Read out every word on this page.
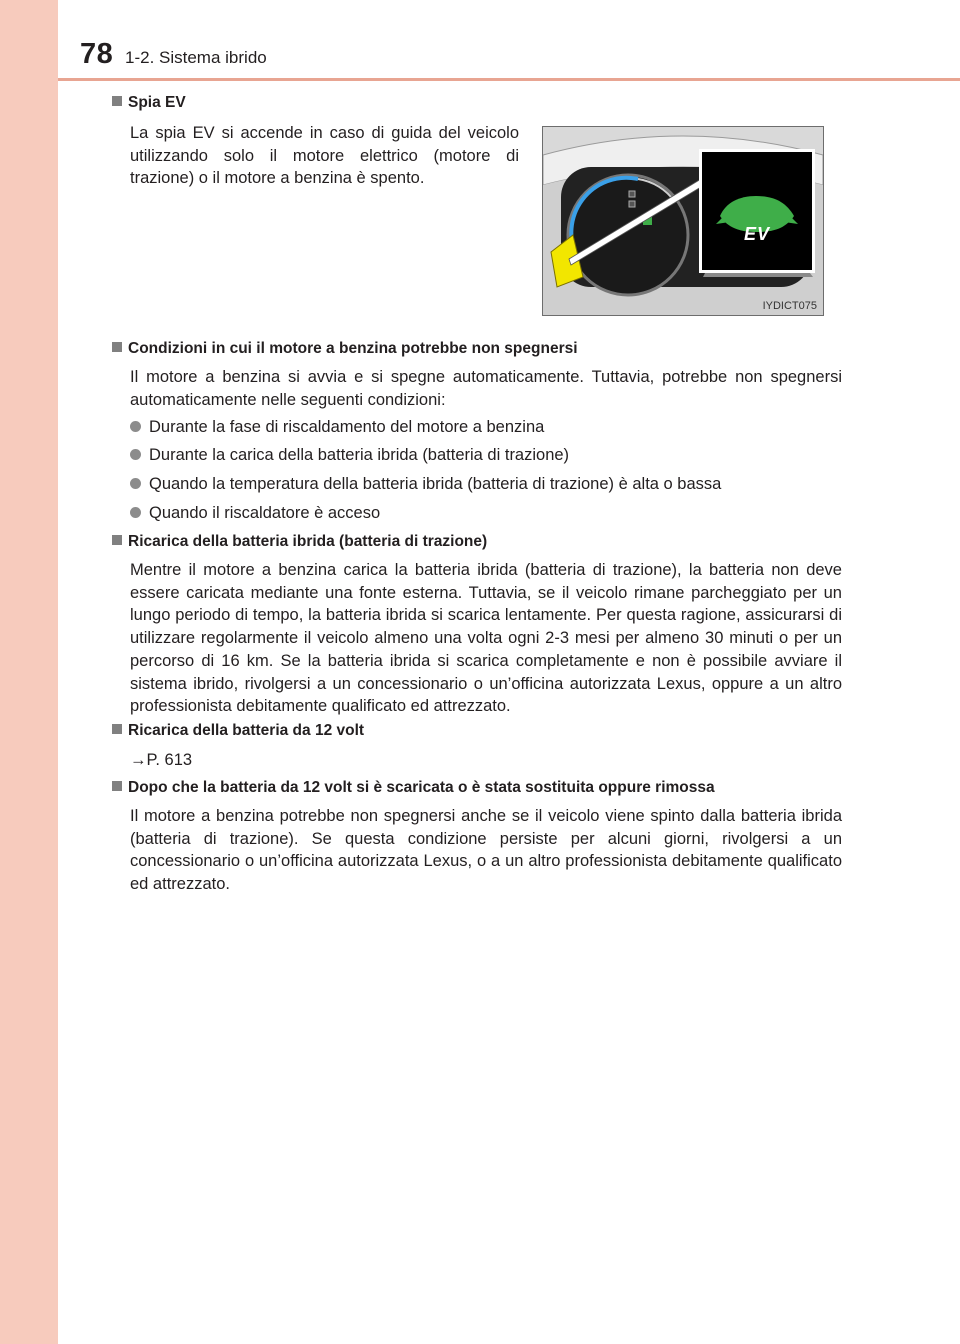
78 1-2. Sistema ibrido
Spia EV
La spia EV si accende in caso di guida del veicolo utilizzando solo il motore elettrico (motore di trazione) o il motore a benzina è spento.
EV
IYDICT075
Condizioni in cui il motore a benzina potrebbe non spegnersi
Il motore a benzina si avvia e si spegne automaticamente. Tuttavia, potrebbe non spegnersi automaticamente nelle seguenti condizioni:
Durante la fase di riscaldamento del motore a benzina
Durante la carica della batteria ibrida (batteria di trazione)
Quando la temperatura della batteria ibrida (batteria di trazione) è alta o bassa
Quando il riscaldatore è acceso
Ricarica della batteria ibrida (batteria di trazione)
Mentre il motore a benzina carica la batteria ibrida (batteria di trazione), la batteria non deve essere caricata mediante una fonte esterna. Tuttavia, se il veicolo rimane parcheggiato per un lungo periodo di tempo, la batteria ibrida si scarica lentamente. Per questa ragione, assicurarsi di utilizzare regolarmente il veicolo almeno una volta ogni 2-3 mesi per almeno 30 minuti o per un percorso di 16 km. Se la batteria ibrida si scarica completamente e non è possibile avviare il sistema ibrido, rivolgersi a un concessionario o un’officina autorizzata Lexus, oppure a un altro professionista debitamente qualificato ed attrezzato.
Ricarica della batteria da 12 volt
→P. 613
Dopo che la batteria da 12 volt si è scaricata o è stata sostituita oppure rimossa
Il motore a benzina potrebbe non spegnersi anche se il veicolo viene spinto dalla batteria ibrida (batteria di trazione). Se questa condizione persiste per alcuni giorni, rivolgersi a un concessionario o un’officina autorizzata Lexus, o a un altro professionista debitamente qualificato ed attrezzato.
